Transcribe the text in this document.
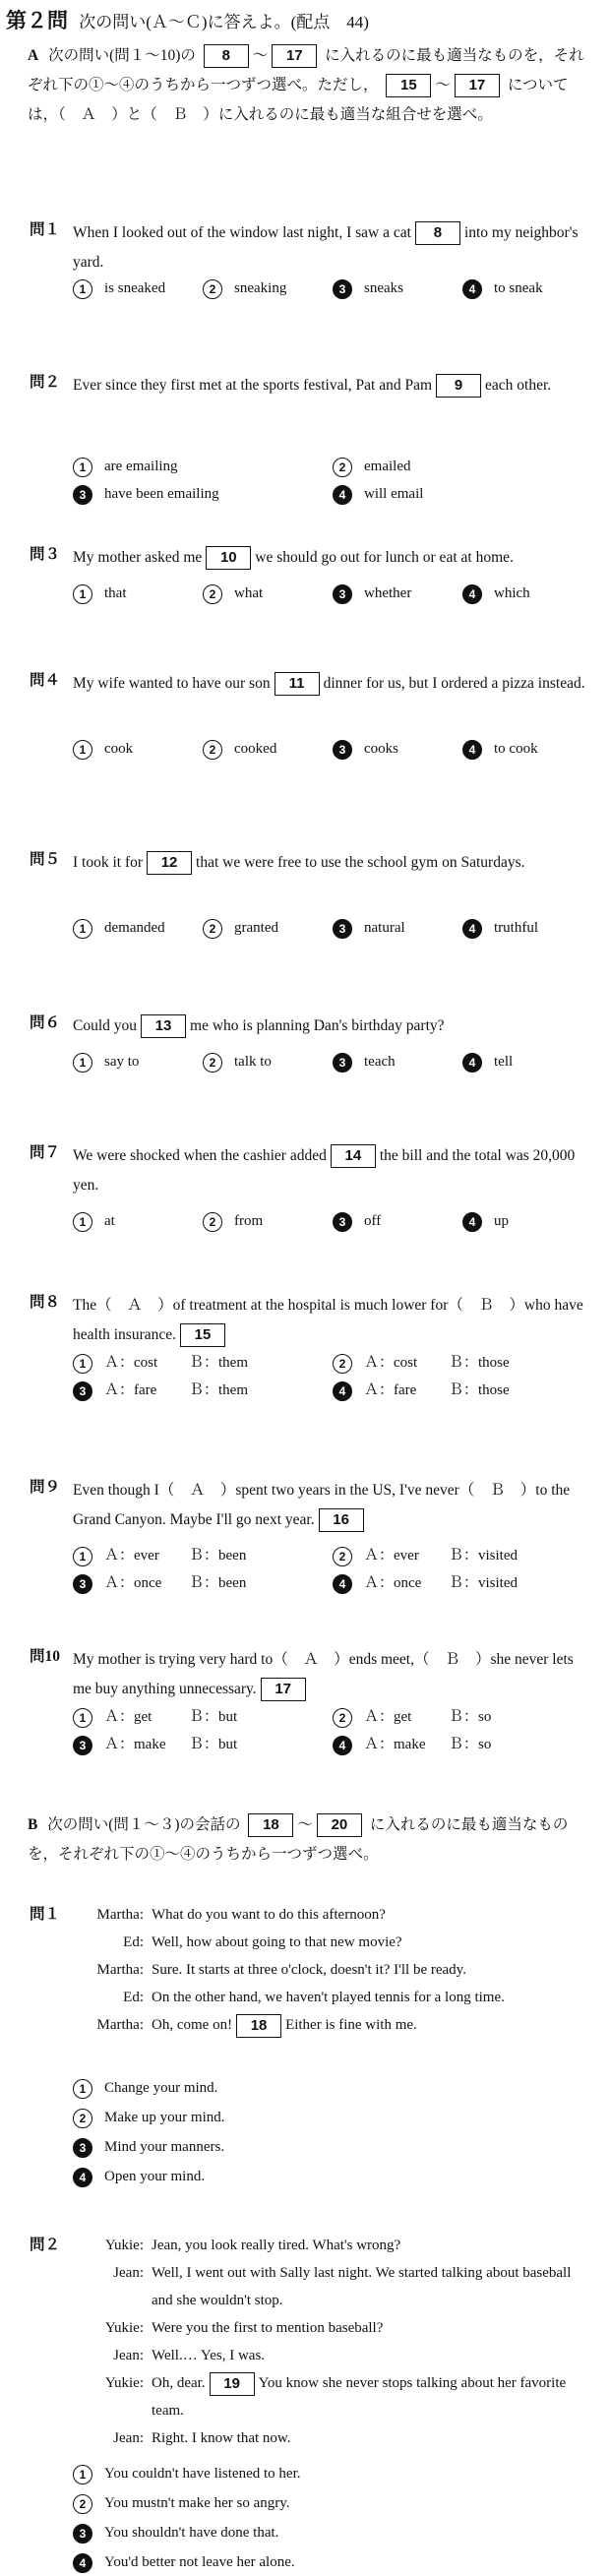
第２問 次の問い(Ａ～Ｃ)に答えよ。(配点　44)
A 次の問い(問１～10)の 8 ～ 17 に入れるのに最も適当なものを，それぞれ下の①～④のうちから一つずつ選べ。ただし， 15 ～ 17 については，（　Ａ　）と（　Ｂ　）に入れるのに最も適当な組合せを選べ。
問１ When I looked out of the window last night, I saw a cat 8 into my neighbor's yard.
1 is sneaked	2 sneaking	3 sneaks	4 to sneak
問２ Ever since they first met at the sports festival, Pat and Pam 9 each other.
1 are emailing	2 emailed
3 have been emailing	4 will email
問３ My mother asked me 10 we should go out for lunch or eat at home.
1 that	2 what	3 whether	4 which
問４ My wife wanted to have our son 11 dinner for us, but I ordered a pizza instead.
1 cook	2 cooked	3 cooks	4 to cook
問５ I took it for 12 that we were free to use the school gym on Saturdays.
1 demanded	2 granted	3 natural	4 truthful
問６ Could you 13 me who is planning Dan's birthday party?
1 say to	2 talk to	3 teach	4 tell
問７ We were shocked when the cashier added 14 the bill and the total was 20,000 yen.
1 at	2 from	3 off	4 up
問８ The（　Ａ　）of treatment at the hospital is much lower for（　Ｂ　）who have health insurance. 15
1 Ａ：cost Ｂ：them	2 Ａ：cost Ｂ：those
3 Ａ：fare Ｂ：them	4 Ａ：fare Ｂ：those
問９ Even though I（　Ａ　）spent two years in the US, I've never（　Ｂ　）to the Grand Canyon. Maybe I'll go next year. 16
1 Ａ：ever Ｂ：been	2 Ａ：ever Ｂ：visited
3 Ａ：once Ｂ：been	4 Ａ：once Ｂ：visited
問10 My mother is trying very hard to（　Ａ　）ends meet,（　Ｂ　）she never lets me buy anything unnecessary. 17
1 Ａ：get	Ｂ：but	2 Ａ：get	Ｂ：so
3 Ａ：make Ｂ：but	4 Ａ：make Ｂ：so
B 次の問い(問１～３)の会話の 18 ～ 20 に入れるのに最も適当なものを，それぞれ下の①～④のうちから一つずつ選べ。
問１	Martha: What do you want to do this afternoon?
Ed: Well, how about going to that new movie?
Martha: Sure. It starts at three o'clock, doesn't it? I'll be ready.
Ed: On the other hand, we haven't played tennis for a long time.
Martha: Oh, come on! 18 Either is fine with me.
1 Change your mind.
2 Make up your mind.
3 Mind your manners.
4 Open your mind.
問２	Yukie: Jean, you look really tired. What's wrong?
Jean: Well, I went out with Sally last night. We started talking about baseball and she wouldn't stop.
Yukie: Were you the first to mention baseball?
Jean: Well.… Yes, I was.
Yukie: Oh, dear. 19 You know she never stops talking about her favorite team.
Jean: Right. I know that now.
1 You couldn't have listened to her.
2 You mustn't make her so angry.
3 You shouldn't have done that.
4 You'd better not leave her alone.
